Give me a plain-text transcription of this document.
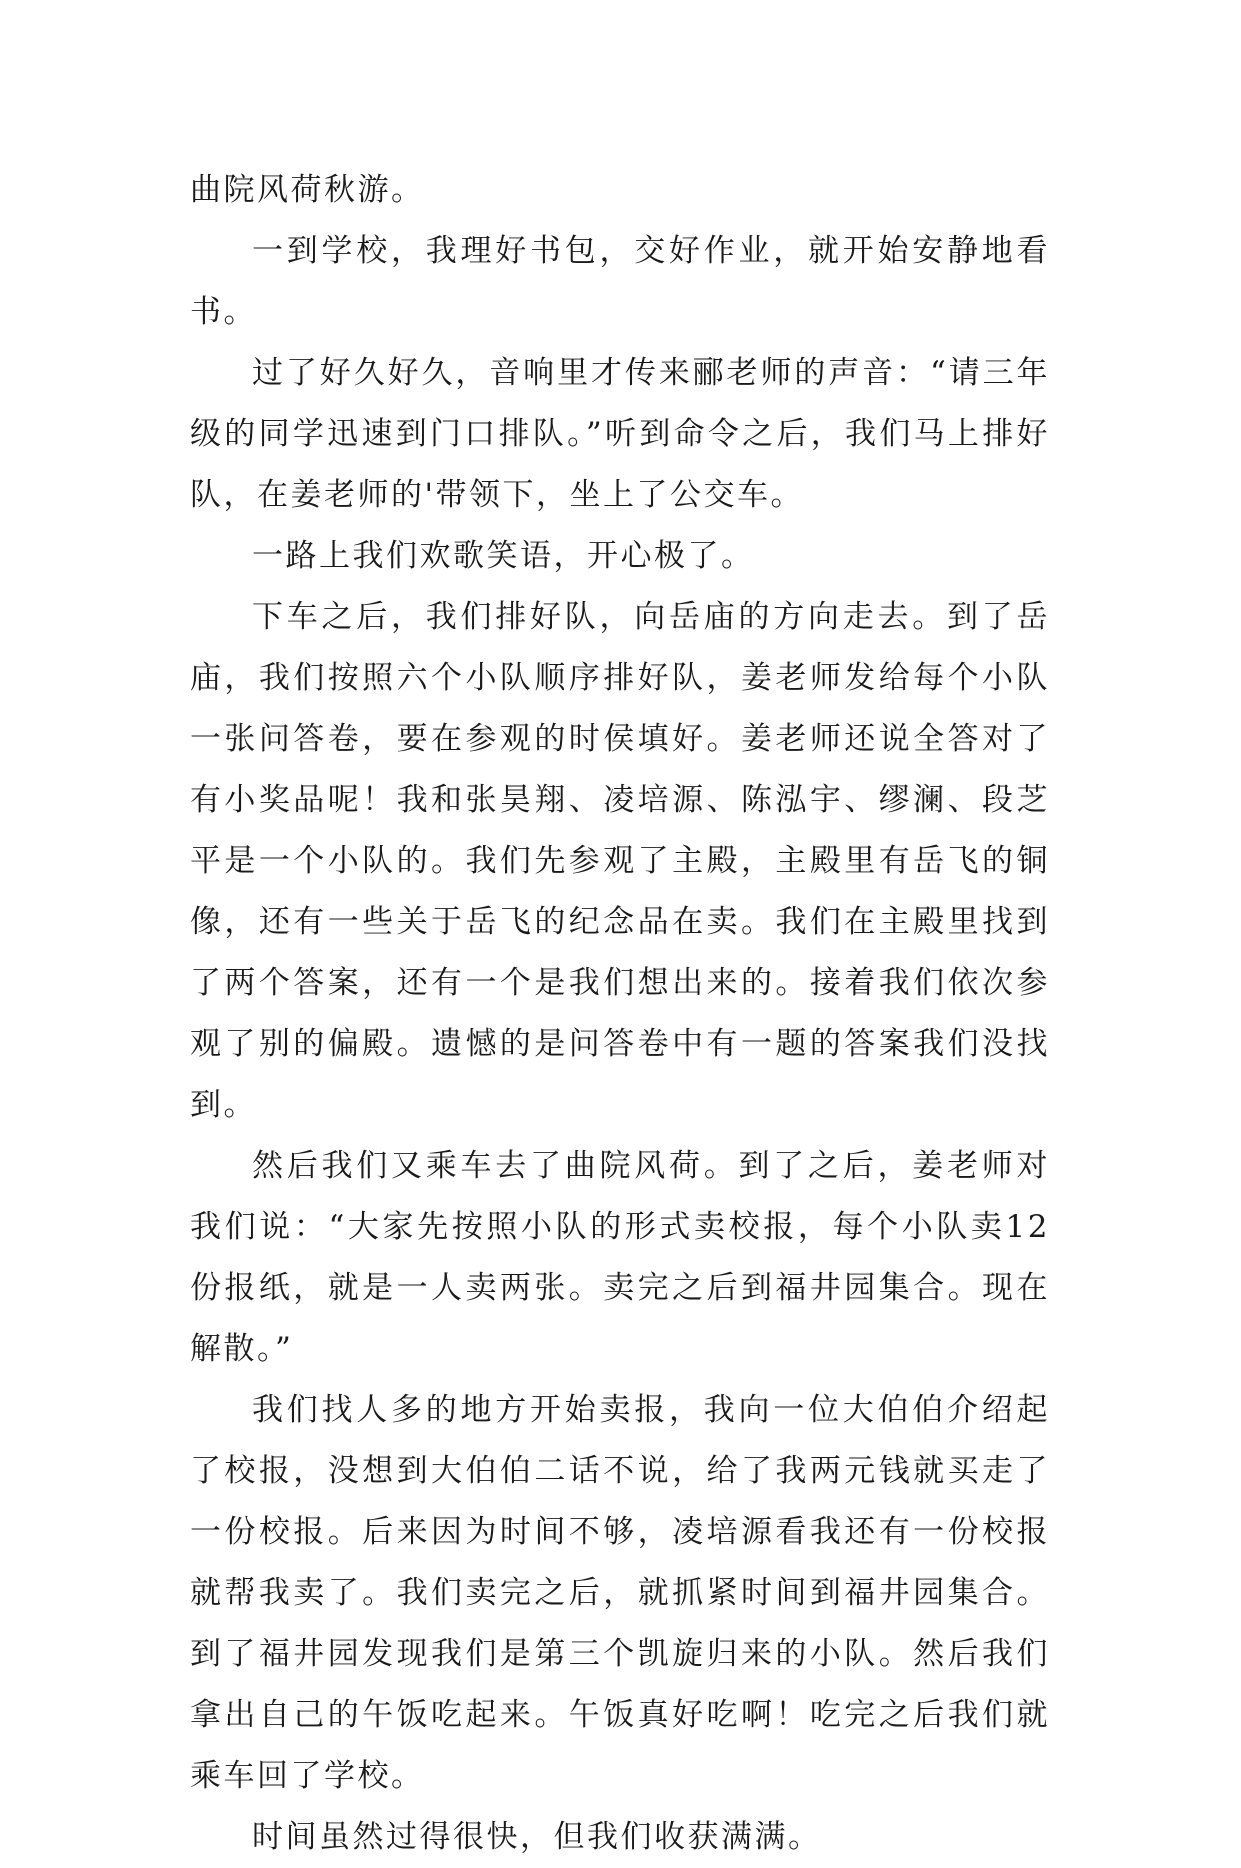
曲院风荷秋游。

一到学校，我理好书包，交好作业，就开始安静地看书。

过了好久好久，音响里才传来郦老师的声音：“请三年级的同学迅速到门口排队。”听到命令之后，我们马上排好队，在姜老师的'带领下，坐上了公交车。

一路上我们欢歌笑语，开心极了。

下车之后，我们排好队，向岳庙的方向走去。到了岳庙，我们按照六个小队顺序排好队，姜老师发给每个小队一张问答卷，要在参观的时侯填好。姜老师还说全答对了有小奖品呢！我和张昊翔、凌培源、陈泓宇、缪澜、段芝平是一个小队的。我们先参观了主殿，主殿里有岳飞的铜像，还有一些关于岳飞的纪念品在卖。我们在主殿里找到了两个答案，还有一个是我们想出来的。接着我们依次参观了别的偏殿。遗憾的是问答卷中有一题的答案我们没找到。

然后我们又乘车去了曲院风荷。到了之后，姜老师对我们说：“大家先按照小队的形式卖校报，每个小队卖12份报纸，就是一人卖两张。卖完之后到福井园集合。现在解散。”

我们找人多的地方开始卖报，我向一位大伯伯介绍起了校报，没想到大伯伯二话不说，给了我两元钱就买走了一份校报。后来因为时间不够，凌培源看我还有一份校报就帮我卖了。我们卖完之后，就抓紧时间到福井园集合。到了福井园发现我们是第三个凯旋归来的小队。然后我们拿出自己的午饭吃起来。午饭真好吃啊！吃完之后我们就乘车回了学校。

时间虽然过得很快，但我们收获满满。
